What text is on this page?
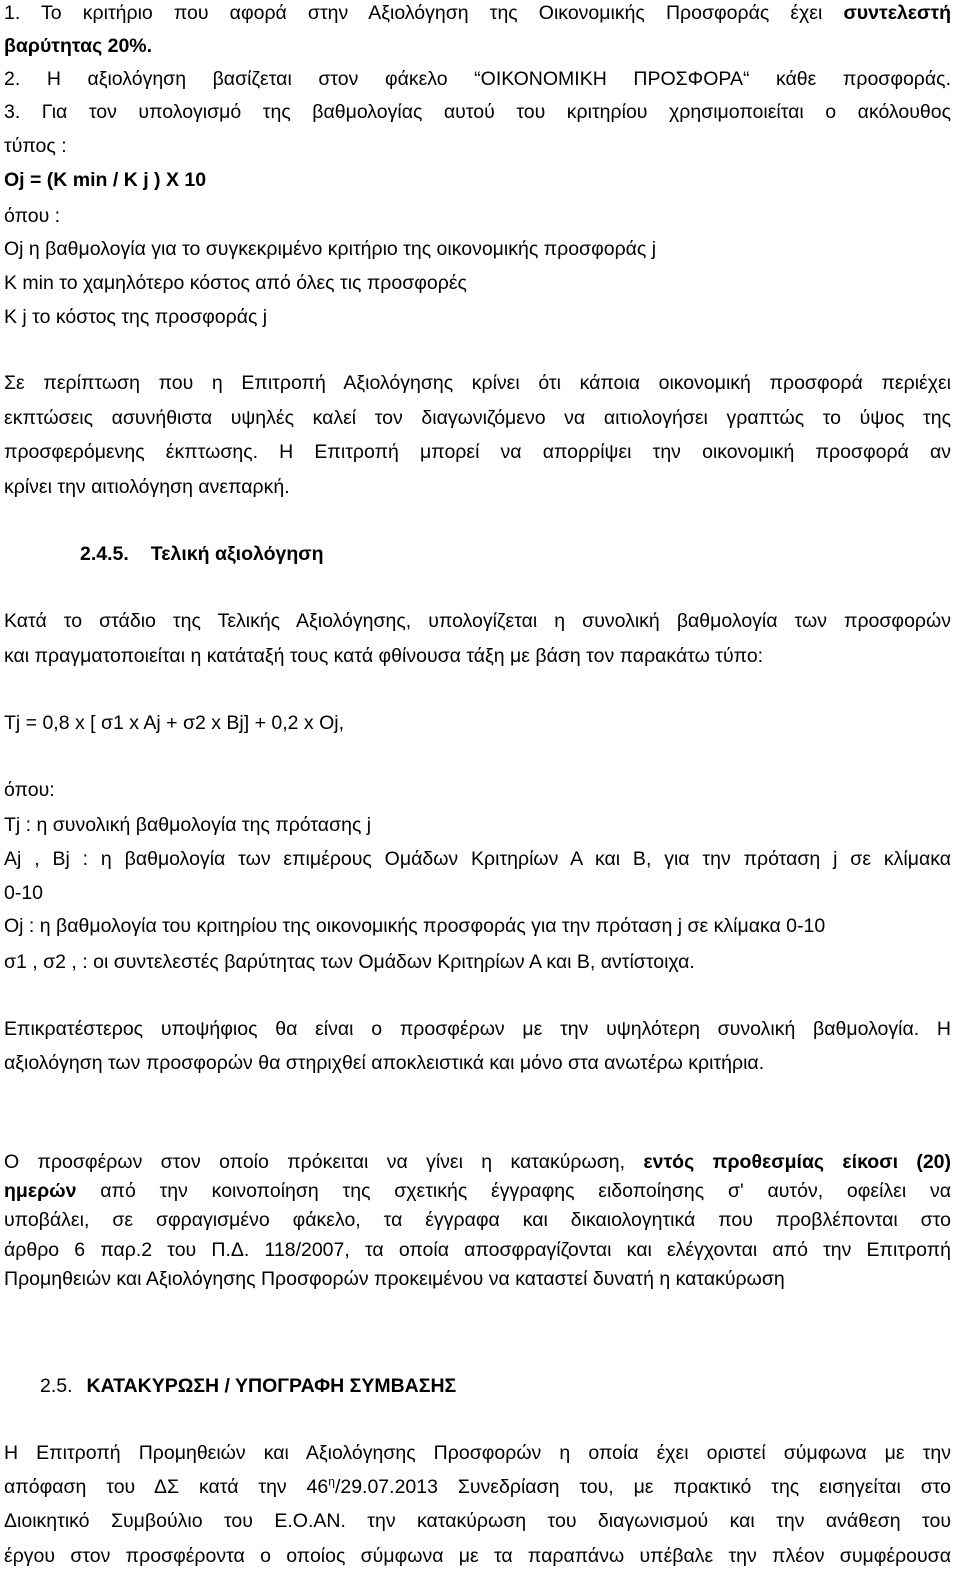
1. Το κριτήριο που αφορά στην Αξιολόγηση της Οικονομικής Προσφοράς έχει συντελεστή
βαρύτητας 20%.
2. Η αξιολόγηση βασίζεται στον φάκελο “ΟΙΚΟΝΟΜΙΚΗ ΠΡΟΣΦΟΡΑ“ κάθε προσφοράς.
3. Για τον υπολογισμό της βαθμολογίας αυτού του κριτηρίου χρησιμοποιείται ο ακόλουθος
τύπος :
Oj = (K min / K j ) X 10
όπου :
Oj η βαθμολογία για το συγκεκριμένο κριτήριο της οικονομικής προσφοράς j
K min το χαμηλότερο κόστος από όλες τις προσφορές
K j το κόστος της προσφοράς j
Σε περίπτωση που η Επιτροπή Αξιολόγησης κρίνει ότι κάποια οικονομική προσφορά περιέχει
εκπτώσεις ασυνήθιστα υψηλές καλεί τον διαγωνιζόμενο να αιτιολογήσει γραπτώς το ύψος της
προσφερόμενης έκπτωσης. Η Επιτροπή μπορεί να απορρίψει την οικονομική προσφορά αν
κρίνει την αιτιολόγηση ανεπαρκή.
2.4.5. Τελική αξιολόγηση
Κατά το στάδιο της Τελικής Αξιολόγησης, υπολογίζεται η συνολική βαθμολογία των προσφορών
και πραγματοποιείται η κατάταξή τους κατά φθίνουσα τάξη με βάση τον παρακάτω τύπο:
Tj = 0,8 x [ σ1 x Aj + σ2 x Bj] + 0,2 x Oj,
όπου:
Tj : η συνολική βαθμολογία της πρότασης j
Aj , Bj : η βαθμολογία των επιμέρους Ομάδων Κριτηρίων Α και Β, για την πρόταση j σε κλίμακα
0-10
Oj : η βαθμολογία του κριτηρίου της οικονομικής προσφοράς για την πρόταση j σε κλίμακα 0-10
σ1 , σ2 , : οι συντελεστές βαρύτητας των Ομάδων Κριτηρίων Α και Β, αντίστοιχα.
Επικρατέστερος υποψήφιος θα είναι ο προσφέρων με την υψηλότερη συνολική βαθμολογία. Η
αξιολόγηση των προσφορών θα στηριχθεί αποκλειστικά και μόνο στα ανωτέρω κριτήρια.
Ο προσφέρων στον οποίο πρόκειται να γίνει η κατακύρωση, εντός προθεσμίας είκοσι (20)
ημερών από την κοινοποίηση της σχετικής έγγραφης ειδοποίησης σ' αυτόν, οφείλει να
υποβάλει, σε σφραγισμένο φάκελο, τα έγγραφα και δικαιολογητικά που προβλέπονται στο
άρθρο 6 παρ.2 του Π.Δ. 118/2007, τα οποία αποσφραγίζονται και ελέγχονται από την Επιτροπή
Προμηθειών και Αξιολόγησης Προσφορών προκειμένου να καταστεί δυνατή η κατακύρωση
2.5. ΚΑΤΑΚΥΡΩΣΗ / ΥΠΟΓΡΑΦΗ ΣΥΜΒΑΣΗΣ
Η Επιτροπή Προμηθειών και Αξιολόγησης Προσφορών η οποία έχει οριστεί σύμφωνα με την
απόφαση του ΔΣ κατά την $46^\eta/29.07.2013$ Συνεδρίαση του, με πρακτικό της εισηγείται στο
Διοικητικό Συμβούλιο του Ε.Ο.ΑΝ. την κατακύρωση του διαγωνισμού και την ανάθεση του
έργου στον προσφέροντα ο οποίος σύμφωνα με τα παραπάνω υπέβαλε την πλέον συμφέρουσα
